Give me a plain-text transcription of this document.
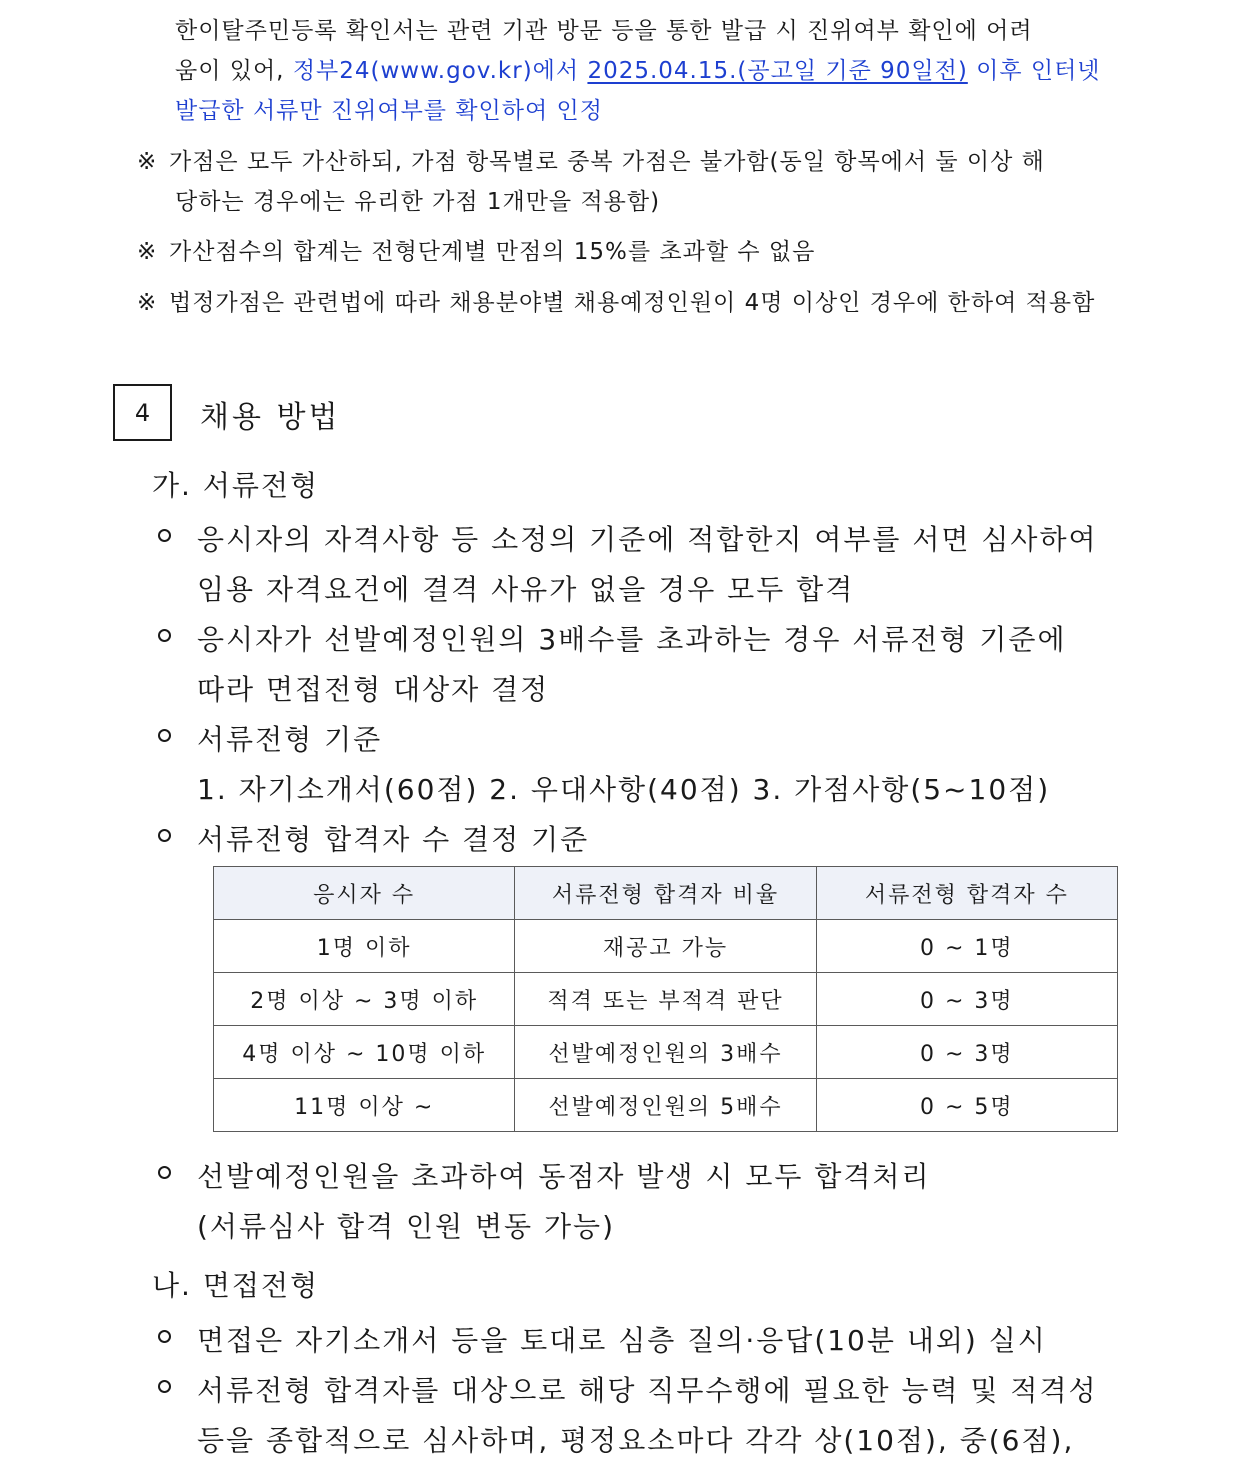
한이탈주민등록 확인서는 관련 기관 방문 등을 통한 발급 시 진위여부 확인에 어려
움이 있어, 정부24(www.gov.kr)에서 2025.04.15.(공고일 기준 90일전) 이후 인터넷
발급한 서류만 진위여부를 확인하여 인정
※ 가점은 모두 가산하되, 가점 항목별로 중복 가점은 불가함(동일 항목에서 둘 이상 해
당하는 경우에는 유리한 가점 1개만을 적용함)
※ 가산점수의 합계는 전형단계별 만점의 15%를 초과할 수 없음
※ 법정가점은 관련법에 따라 채용분야별 채용예정인원이 4명 이상인 경우에 한하여 적용함
4	채용 방법
가. 서류전형
응시자의 자격사항 등 소정의 기준에 적합한지 여부를 서면 심사하여
임용 자격요건에 결격 사유가 없을 경우 모두 합격
응시자가 선발예정인원의 3배수를 초과하는 경우 서류전형 기준에
따라 면접전형 대상자 결정
서류전형 기준
1. 자기소개서(60점) 2. 우대사항(40점) 3. 가점사항(5~10점)
서류전형 합격자 수 결정 기준
응시자 수	서류전형 합격자 비율	서류전형 합격자 수
1명 이하	재공고 가능	0 ~ 1명
2명 이상 ~ 3명 이하	적격 또는 부적격 판단	0 ~ 3명
4명 이상 ~ 10명 이하	선발예정인원의 3배수	0 ~ 3명
11명 이상 ~	선발예정인원의 5배수	0 ~ 5명
선발예정인원을 초과하여 동점자 발생 시 모두 합격처리
(서류심사 합격 인원 변동 가능)
나. 면접전형
면접은 자기소개서 등을 토대로 심층 질의·응답(10분 내외) 실시
서류전형 합격자를 대상으로 해당 직무수행에 필요한 능력 및 적격성
등을 종합적으로 심사하며, 평정요소마다 각각 상(10점), 중(6점),
